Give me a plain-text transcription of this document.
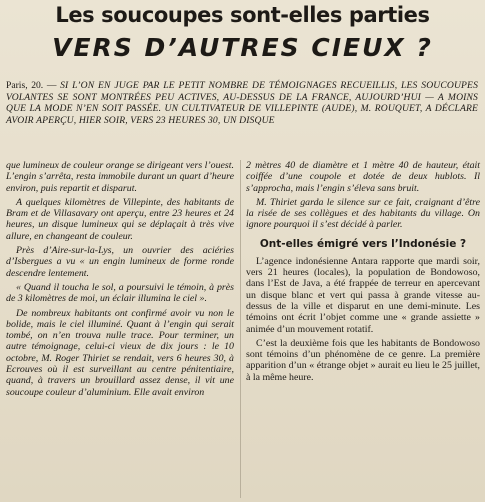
Les soucoupes sont-elles parties
VERS D’AUTRES CIEUX ?
Paris, 20. — SI L’ON EN JUGE PAR LE PETIT NOMBRE DE TÉMOIGNAGES RECUEILLIS, LES SOUCOUPES VOLANTES SE SONT MONTRÉES PEU ACTIVES, AU-DESSUS DE LA FRANCE, AUJOURD’HUI — A MOINS QUE LA MODE N’EN SOIT PASSÉE. UN CULTIVATEUR DE VILLEPINTE (AUDE), M. ROUQUET, A DÉCLARE AVOIR APERÇU, HIER SOIR, VERS 23 HEURES 30, UN DISQUE

que lumineux de couleur orange se dirigeant vers l’ouest. L’engin s’arrêta, resta immobile durant un quart d’heure environ, puis repartit et disparut.

A quelques kilomètres de Villepinte, des habitants de Bram et de Villasavary ont aperçu, entre 23 heures et 24 heures, un disque lumineux qui se déplaçait à très vive allure, en changeant de couleur.

Près d’Aire-sur-la-Lys, un ouvrier des aciéries d’Isbergues a vu « un engin lumineux de forme ronde descendre lentement.

« Quand il toucha le sol, a poursuivi le témoin, à près de 3 kilomètres de moi, un éclair illumina le ciel ».

De nombreux habitants ont confirmé avoir vu non le bolide, mais le ciel illuminé. Quant à l’engin qui serait tombé, on n’en trouva nulle trace. Pour terminer, un autre témoignage, celui-ci vieux de dix jours : le 10 octobre, M. Roger Thiriet se rendait, vers 6 heures 30, à Ecrouves où il est surveillant au centre pénitentiaire, quand, à travers un brouillard assez dense, il vit une soucoupe couleur d’aluminium. Elle avait environ

2 mètres 40 de diamètre et 1 mètre 40 de hauteur, était coiffée d’une coupole et dotée de deux hublots. Il s’approcha, mais l’engin s’éleva sans bruit.

M. Thiriet garda le silence sur ce fait, craignant d’être la risée de ses collègues et des habitants du village. On ignore pourquoi il s’est décidé à parler.

Ont-elles émigré vers l’Indonésie ?

L’agence indonésienne Antara rapporte que mardi soir, vers 21 heures (locales), la population de Bondowoso, dans l’Est de Java, a été frappée de terreur en apercevant un disque blanc et vert qui passa à grande vitesse au-dessus de la ville et disparut en une demi-minute. Les témoins ont écrit l’objet comme une « grande assiette » animée d’un mouvement rotatif.

C’est la deuxième fois que les habitants de Bondowoso sont témoins d’un phénomène de ce genre. La première apparition d’un « étrange objet » aurait eu lieu le 25 juillet, à la même heure.
